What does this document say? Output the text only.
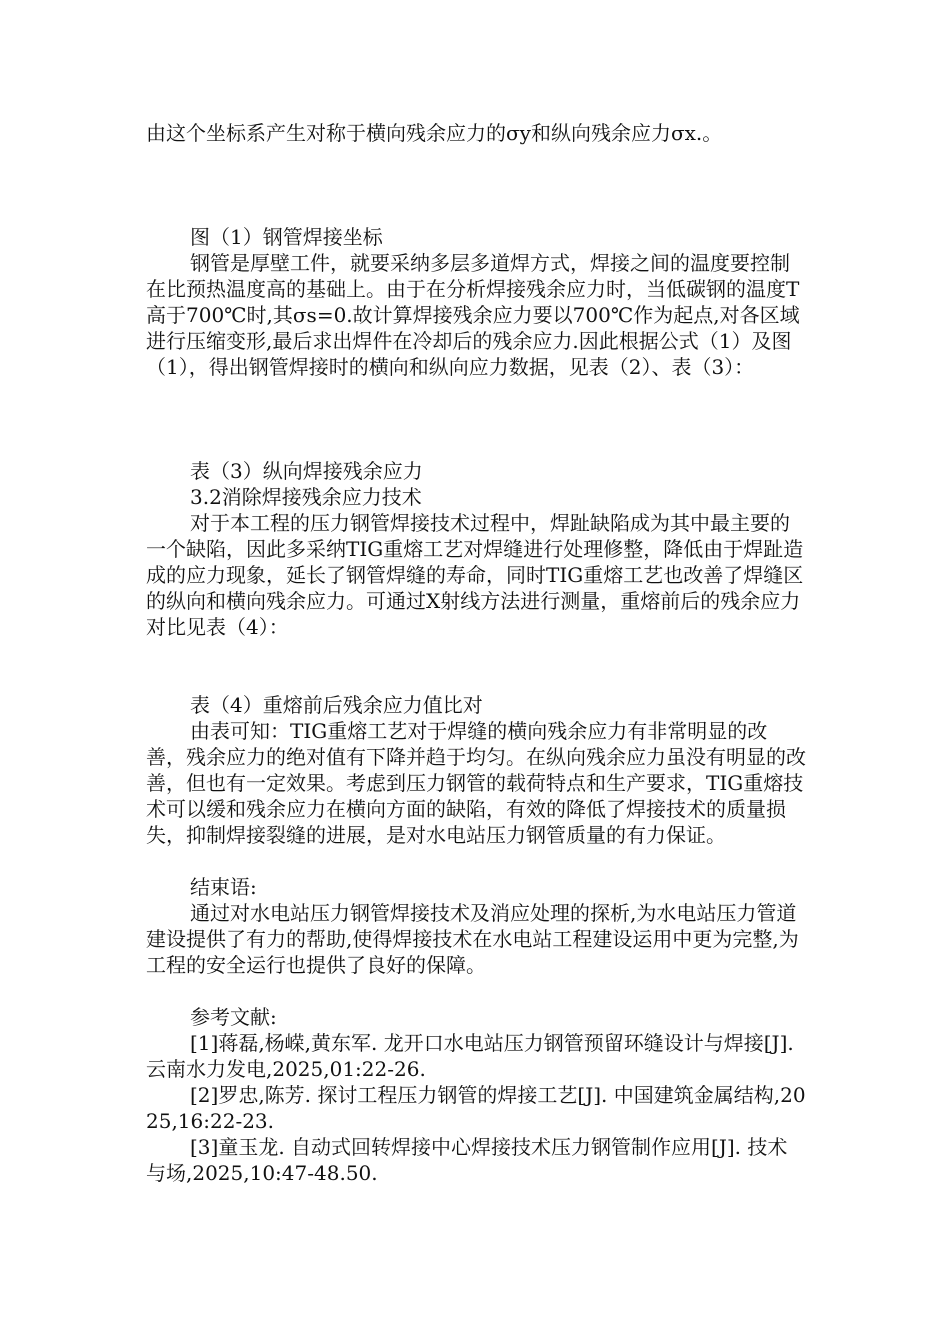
由这个坐标系产生对称于横向残余应力的σy和纵向残余应力σx.。

图（1）钢管焊接坐标

钢管是厚壁工件，就要采纳多层多道焊方式，焊接之间的温度要控制在比预热温度高的基础上。由于在分析焊接残余应力时，当低碳钢的温度T高于700℃时,其σs=0.故计算焊接残余应力要以700℃作为起点,对各区域进行压缩变形,最后求出焊件在冷却后的残余应力.因此根据公式（1）及图（1），得出钢管焊接时的横向和纵向应力数据，见表（2）、表（3）：

表（3）纵向焊接残余应力

3.2消除焊接残余应力技术

对于本工程的压力钢管焊接技术过程中，焊趾缺陷成为其中最主要的一个缺陷，因此多采纳TIG重熔工艺对焊缝进行处理修整，降低由于焊趾造成的应力现象，延长了钢管焊缝的寿命，同时TIG重熔工艺也改善了焊缝区的纵向和横向残余应力。可通过X射线方法进行测量，重熔前后的残余应力对比见表（4）：

表（4）重熔前后残余应力值比对

由表可知：TIG重熔工艺对于焊缝的横向残余应力有非常明显的改善，残余应力的绝对值有下降并趋于均匀。在纵向残余应力虽没有明显的改善，但也有一定效果。考虑到压力钢管的载荷特点和生产要求，TIG重熔技术可以缓和残余应力在横向方面的缺陷，有效的降低了焊接技术的质量损失，抑制焊接裂缝的进展，是对水电站压力钢管质量的有力保证。

结束语:

通过对水电站压力钢管焊接技术及消应处理的探析,为水电站压力管道建设提供了有力的帮助,使得焊接技术在水电站工程建设运用中更为完整,为工程的安全运行也提供了良好的保障。

参考文献:

[1]蒋磊,杨嵘,黄东军. 龙开口水电站压力钢管预留环缝设计与焊接[J]. 云南水力发电,2025,01:22-26.

[2]罗忠,陈芳. 探讨工程压力钢管的焊接工艺[J]. 中国建筑金属结构,2025,16:22-23.

[3]童玉龙. 自动式回转焊接中心焊接技术压力钢管制作应用[J]. 技术与场,2025,10:47-48.50.
